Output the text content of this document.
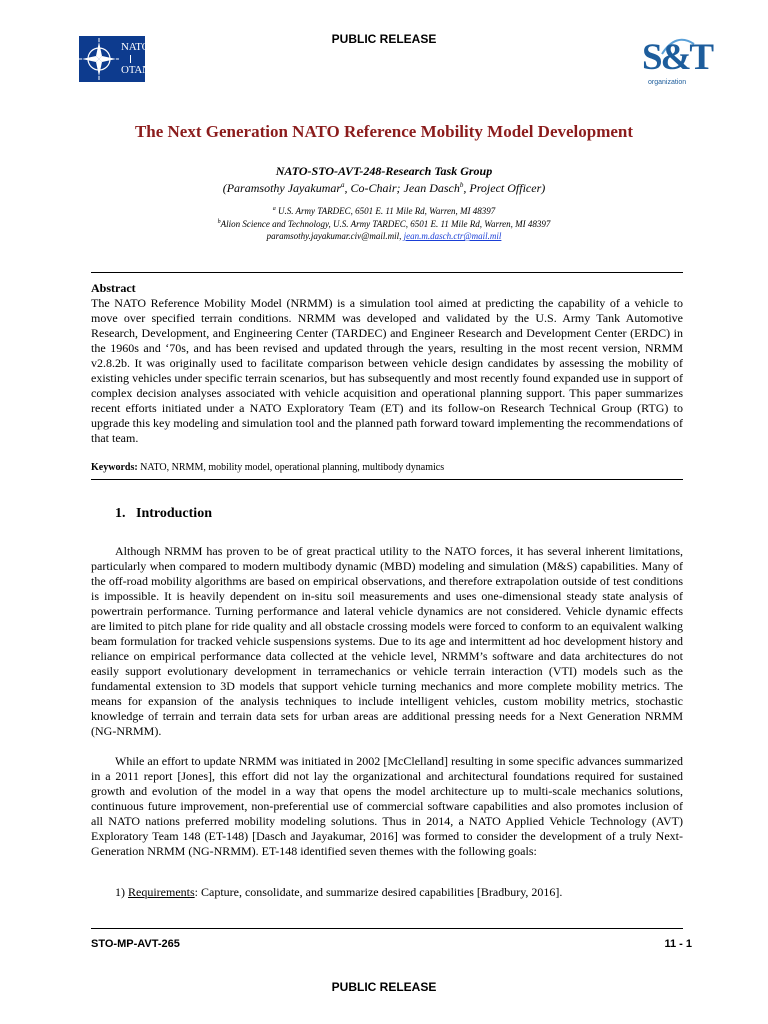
PUBLIC RELEASE
NATO
OTAN	S&T
organization
The Next Generation NATO Reference Mobility Model Development
NATO-STO-AVT-248-Research Task Group
(Paramsothy Jayakumar$^a$, Co-Chair; Jean Dasch$^b$, Project Officer)
$^a$ U.S. Army TARDEC, 6501 E. 11 Mile Rd, Warren, MI 48397
$^b$Alion Science and Technology, U.S. Army TARDEC, 6501 E. 11 Mile Rd, Warren, MI 48397
paramsothy.jayakumar.civ@mail.mil, jean.m.dasch.ctr@mail.mil

Abstract

The NATO Reference Mobility Model (NRMM) is a simulation tool aimed at predicting the capability of a vehicle to move over specified terrain conditions. NRMM was developed and validated by the U.S. Army Tank Automotive Research, Development, and Engineering Center (TARDEC) and Engineer Research and Development Center (ERDC) in the 1960s and ‘70s, and has been revised and updated through the years, resulting in the most recent version, NRMM v2.8.2b. It was originally used to facilitate comparison between vehicle design candidates by assessing the mobility of existing vehicles under specific terrain scenarios, but has subsequently and most recently found expanded use in support of complex decision analyses associated with vehicle acquisition and operational planning support. This paper summarizes recent efforts initiated under a NATO Exploratory Team (ET) and its follow-on Research Technical Group (RTG) to upgrade this key modeling and simulation tool and the planned path forward toward implementing the recommendations of that team.

Keywords: NATO, NRMM, mobility model, operational planning, multibody dynamics
1.   Introduction

Although NRMM has proven to be of great practical utility to the NATO forces, it has several inherent limitations, particularly when compared to modern multibody dynamic (MBD) modeling and simulation (M&S) capabilities. Many of the off-road mobility algorithms are based on empirical observations, and therefore extrapolation outside of test conditions is impossible. It is heavily dependent on in-situ soil measurements and uses one-dimensional steady state analysis of powertrain performance. Turning performance and lateral vehicle dynamics are not considered. Vehicle dynamic effects are limited to pitch plane for ride quality and all obstacle crossing models were forced to conform to an equivalent walking beam formulation for tracked vehicle suspensions systems. Due to its age and intermittent ad hoc development history and reliance on empirical performance data collected at the vehicle level, NRMM’s software and data architectures do not easily support evolutionary development in terramechanics or vehicle terrain interaction (VTI) models such as the fundamental extension to 3D models that support vehicle turning mechanics and more complete mobility metrics. The means for expansion of the analysis techniques to include intelligent vehicles, custom mobility metrics, stochastic knowledge of terrain and terrain data sets for urban areas are additional pressing needs for a Next Generation NRMM (NG-NRMM).

While an effort to update NRMM was initiated in 2002 [McClelland] resulting in some specific advances summarized in a 2011 report [Jones], this effort did not lay the organizational and architectural foundations required for sustained growth and evolution of the model in a way that opens the model architecture up to multi-scale mechanics solutions, continuous future improvement, non-preferential use of commercial software capabilities and also promotes inclusion of all NATO nations preferred mobility modeling solutions. Thus in 2014, a NATO Applied Vehicle Technology (AVT) Exploratory Team 148 (ET-148) [Dasch and Jayakumar, 2016] was formed to consider the development of a truly Next-Generation NRMM (NG-NRMM). ET-148 identified seven themes with the following goals:

1) Requirements: Capture, consolidate, and summarize desired capabilities [Bradbury, 2016].

STO-MP-AVT-265	11 - 1
PUBLIC RELEASE
